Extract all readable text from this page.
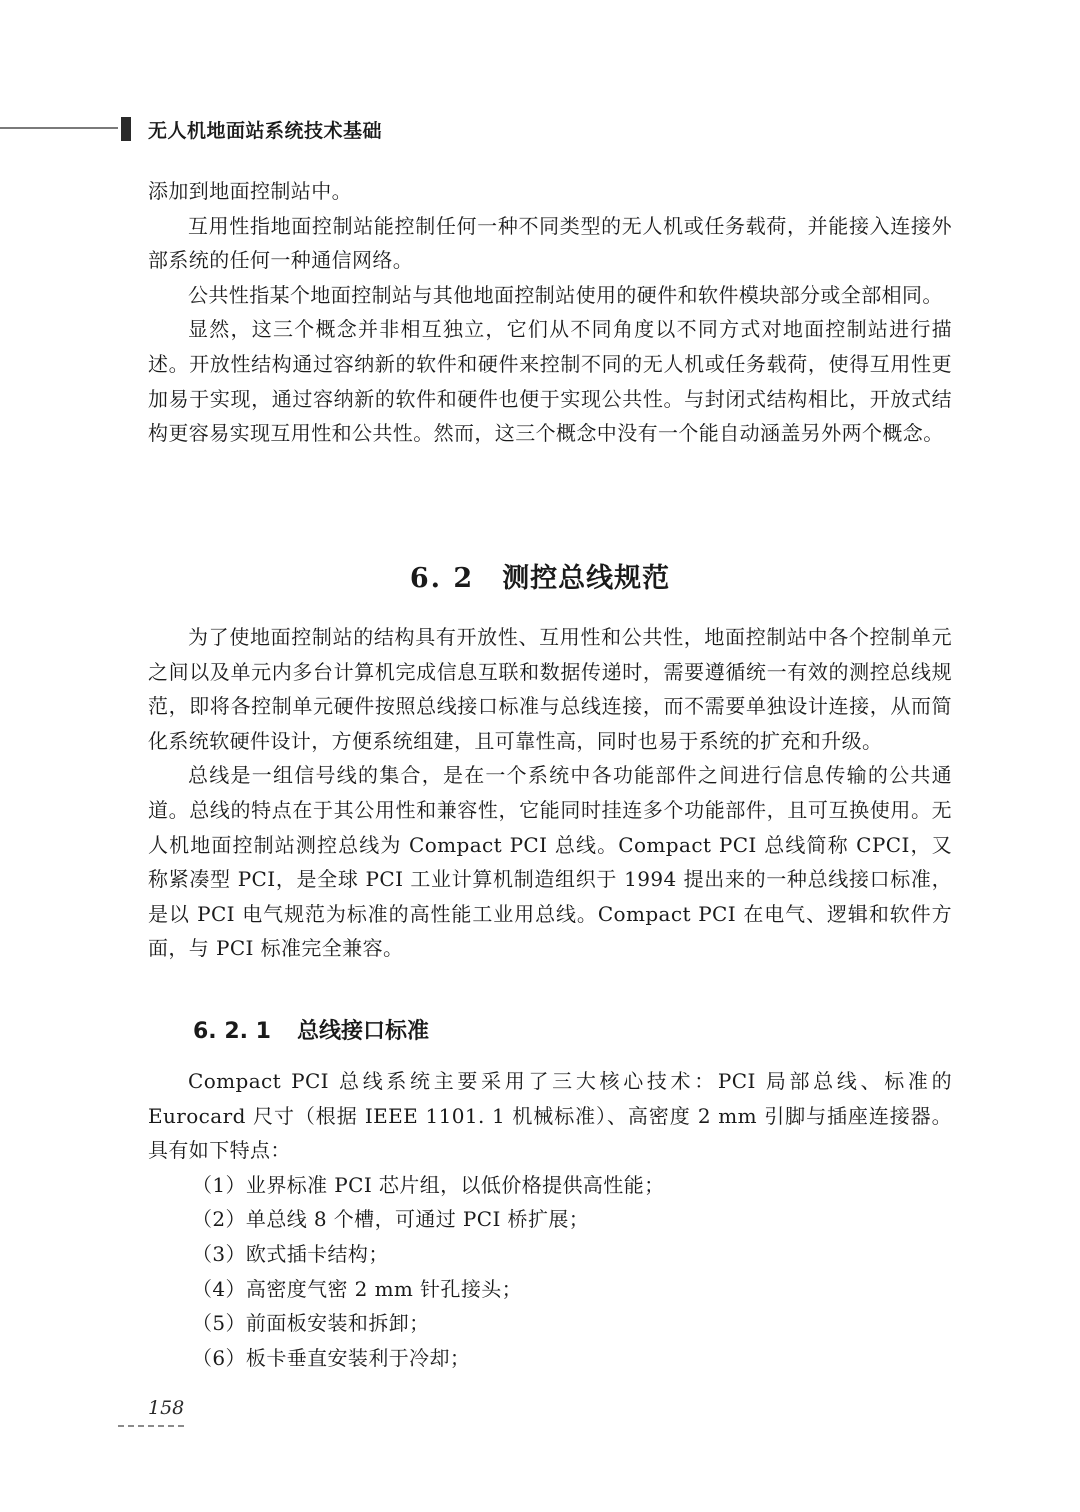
无人机地面站系统技术基础

添加到地面控制站中。

互用性指地面控制站能控制任何一种不同类型的无人机或任务载荷，并能接入连接外部系统的任何一种通信网络。

公共性指某个地面控制站与其他地面控制站使用的硬件和软件模块部分或全部相同。

显然，这三个概念并非相互独立，它们从不同角度以不同方式对地面控制站进行描述。开放性结构通过容纳新的软件和硬件来控制不同的无人机或任务载荷，使得互用性更加易于实现，通过容纳新的软件和硬件也便于实现公共性。与封闭式结构相比，开放式结构更容易实现互用性和公共性。然而，这三个概念中没有一个能自动涵盖另外两个概念。

6. 2 测控总线规范

为了使地面控制站的结构具有开放性、互用性和公共性，地面控制站中各个控制单元之间以及单元内多台计算机完成信息互联和数据传递时，需要遵循统一有效的测控总线规范，即将各控制单元硬件按照总线接口标准与总线连接，而不需要单独设计连接，从而简化系统软硬件设计，方便系统组建，且可靠性高，同时也易于系统的扩充和升级。

总线是一组信号线的集合，是在一个系统中各功能部件之间进行信息传输的公共通道。总线的特点在于其公用性和兼容性，它能同时挂连多个功能部件，且可互换使用。无人机地面控制站测控总线为 Compact PCI 总线。Compact PCI 总线简称 CPCI，又称紧凑型 PCI，是全球 PCI 工业计算机制造组织于 1994 提出来的一种总线接口标准，是以 PCI 电气规范为标准的高性能工业用总线。Compact PCI 在电气、逻辑和软件方面，与 PCI 标准完全兼容。

6. 2. 1 总线接口标准

Compact PCI 总线系统主要采用了三大核心技术：PCI 局部总线、标准的 Eurocard 尺寸（根据 IEEE 1101. 1 机械标准）、高密度 2 mm 引脚与插座连接器。具有如下特点：

（1）业界标准 PCI 芯片组，以低价格提供高性能；
（2）单总线 8 个槽，可通过 PCI 桥扩展；
（3）欧式插卡结构；
（4）高密度气密 2 mm 针孔接头；
（5）前面板安装和拆卸；
（6）板卡垂直安装利于冷却；
158
